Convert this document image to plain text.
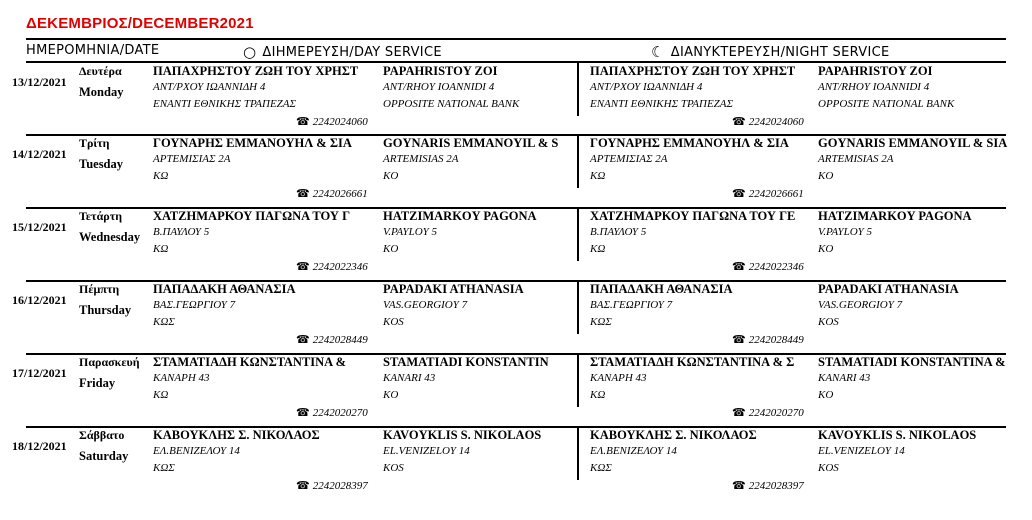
ΔΕΚΕΜΒΡΙΟΣ/DECEMBER2021
ΗΜΕΡΟΜΗΝΙΑ/DATE	○ ΔΙΗΜΕΡΕΥΣΗ/DAY SERVICE	☾ ΔΙΑΝΥΚΤΕΡΕΥΣΗ/NIGHT SERVICE
13/12/2021
Δευτέρα
Monday
ΠΑΠΑΧΡΗΣΤΟΥ ΖΩΗ ΤΟΥ ΧΡΗΣΤ
ΑΝΤ/ΡΧΟΥ ΙΩΑΝΝΙΔΗ 4
ΕΝΑΝΤΙ ΕΘΝΙΚΗΣ ΤΡΑΠΕΖΑΣ
☎ 2242024060
PAPAHRISTOY ZOI
ANT/RHOY IOANNIDI 4
OPPOSITE NATIONAL BANK
ΠΑΠΑΧΡΗΣΤΟΥ ΖΩΗ ΤΟΥ ΧΡΗΣΤ
ΑΝΤ/ΡΧΟΥ ΙΩΑΝΝΙΔΗ 4
ΕΝΑΝΤΙ ΕΘΝΙΚΗΣ ΤΡΑΠΕΖΑΣ
☎ 2242024060
PAPAHRISTOY ZOI
ANT/RHOY IOANNIDI 4
OPPOSITE NATIONAL BANK
14/12/2021
Τρίτη
Tuesday
ΓΟΥΝΑΡΗΣ ΕΜΜΑΝΟΥΗΛ & ΣΙΑ
ΑΡΤΕΜΙΣΙΑΣ 2Α
ΚΩ
☎ 2242026661
GOYNARIS EMMANOYIL & S
ARTEMISIAS 2A
KO
ΓΟΥΝΑΡΗΣ ΕΜΜΑΝΟΥΗΛ & ΣΙΑ
ΑΡΤΕΜΙΣΙΑΣ 2Α
ΚΩ
☎ 2242026661
GOYNARIS EMMANOYIL & SIA
ARTEMISIAS 2A
KO
15/12/2021
Τετάρτη
Wednesday
ΧΑΤΖΗΜΑΡΚΟΥ ΠΑΓΩΝΑ ΤΟΥ Γ
Β.ΠΑΥΛΟΥ 5
ΚΩ
☎ 2242022346
HATZIMARKOY PAGONA
V.PAYLOY 5
KO
ΧΑΤΖΗΜΑΡΚΟΥ ΠΑΓΩΝΑ ΤΟΥ ΓΕ
Β.ΠΑΥΛΟΥ 5
ΚΩ
☎ 2242022346
HATZIMARKOY PAGONA
V.PAYLOY 5
KO
16/12/2021
Πέμπτη
Thursday
ΠΑΠΑΔΑΚΗ ΑΘΑΝΑΣΙΑ
ΒΑΣ.ΓΕΩΡΓΙΟΥ 7
ΚΩΣ
☎ 2242028449
PAPADAKI ATHANASIA
VAS.GEORGIOY 7
KOS
ΠΑΠΑΔΑΚΗ ΑΘΑΝΑΣΙΑ
ΒΑΣ.ΓΕΩΡΓΙΟΥ 7
ΚΩΣ
☎ 2242028449
PAPADAKI ATHANASIA
VAS.GEORGIOY 7
KOS
17/12/2021
Παρασκευή
Friday
ΣΤΑΜΑΤΙΑΔΗ ΚΩΝΣΤΑΝΤΙΝΑ &
ΚΑΝΑΡΗ 43
ΚΩ
☎ 2242020270
STAMATIADI KONSTANTIN
KANARI 43
KO
ΣΤΑΜΑΤΙΑΔΗ ΚΩΝΣΤΑΝΤΙΝΑ & Σ
ΚΑΝΑΡΗ 43
ΚΩ
☎ 2242020270
STAMATIADI KONSTANTINA &
KANARI 43
KO
18/12/2021
Σάββατο
Saturday
ΚΑΒΟΥΚΛΗΣ Σ. ΝΙΚΟΛΑΟΣ
ΕΛ.ΒΕΝΙΖΕΛΟΥ 14
ΚΩΣ
☎ 2242028397
KAVOYKLIS S. NIKOLAOS
EL.VENIZELOY 14
KOS
ΚΑΒΟΥΚΛΗΣ Σ. ΝΙΚΟΛΑΟΣ
ΕΛ.ΒΕΝΙΖΕΛΟΥ 14
ΚΩΣ
☎ 2242028397
KAVOYKLIS S. NIKOLAOS
EL.VENIZELOY 14
KOS
